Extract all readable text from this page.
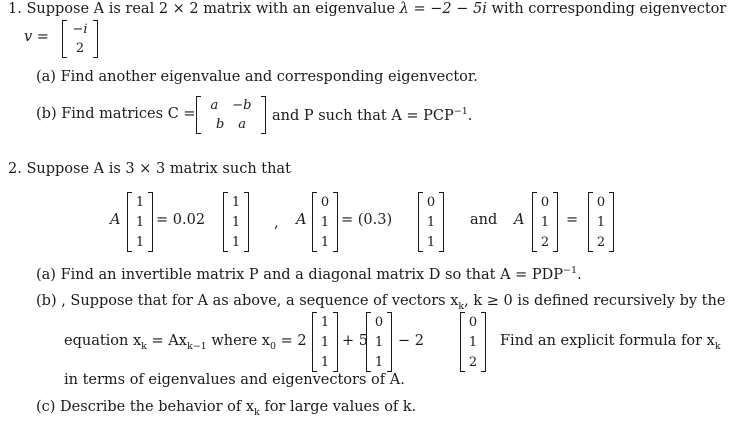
1. Suppose A is real 2 × 2 matrix with an eigenvalue λ = −2 − 5i with corresponding eigenvector
v = −i
2
(a) Find another eigenvalue and corresponding eigenvector.
(b) Find matrices C =
a −b
b a
and P such that $A = PCP^{-1}$.
2. Suppose A is 3 × 3 matrix such that
A
1
1
1
= 0.02
1
1
1
, A
0
1
1
= (0.3)
0
1
1
and A
0
1
2
=
0
1
2
(a) Find an invertible matrix P and a diagonal matrix D so that $A = PDP^{-1}$.
(b) , Suppose that for A as above, a sequence of vectors $x_k$, k ≥ 0 is defined recursively by the
equation $x_k = Ax_{k-1}$ where $x_0 = 2$
1
1
1
+ 5
0
1
1
− 2
0
1
2
Find an explicit formula for $x_k$
in terms of eigenvalues and eigenvectors of A.
(c) Describe the behavior of $x_k$ for large values of k.
